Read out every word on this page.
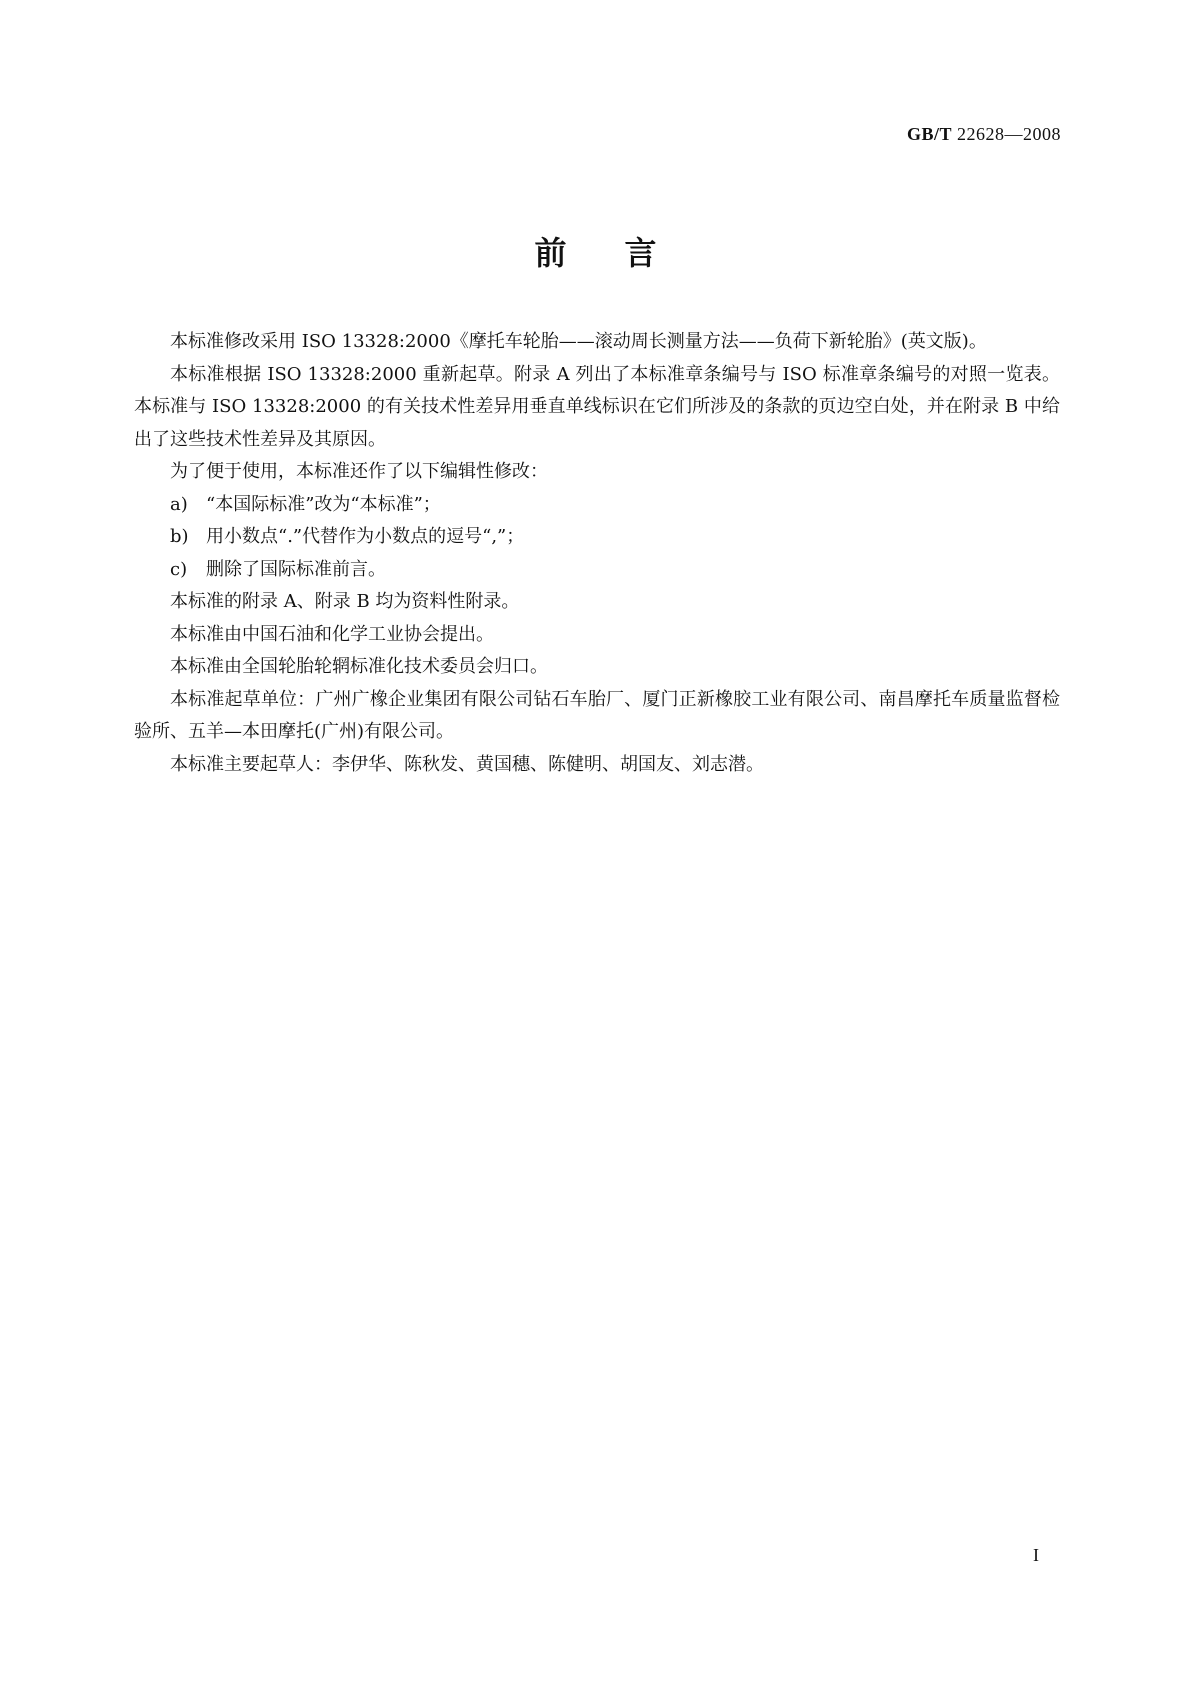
GB/T 22628—2008
前言

本标准修改采用 ISO 13328:2000《摩托车轮胎——滚动周长测量方法——负荷下新轮胎》(英文版)。

本标准根据 ISO 13328:2000 重新起草。附录 A 列出了本标准章条编号与 ISO 标准章条编号的对照一览表。本标准与 ISO 13328:2000 的有关技术性差异用垂直单线标识在它们所涉及的条款的页边空白处，并在附录 B 中给出了这些技术性差异及其原因。

为了便于使用，本标准还作了以下编辑性修改：

a) “本国际标准”改为“本标准”；

b) 用小数点“.”代替作为小数点的逗号“,”；

c) 删除了国际标准前言。

本标准的附录 A、附录 B 均为资料性附录。

本标准由中国石油和化学工业协会提出。

本标准由全国轮胎轮辋标准化技术委员会归口。

本标准起草单位：广州广橡企业集团有限公司钻石车胎厂、厦门正新橡胶工业有限公司、南昌摩托车质量监督检验所、五羊—本田摩托(广州)有限公司。

本标准主要起草人：李伊华、陈秋发、黄国穗、陈健明、胡国友、刘志潜。

I
